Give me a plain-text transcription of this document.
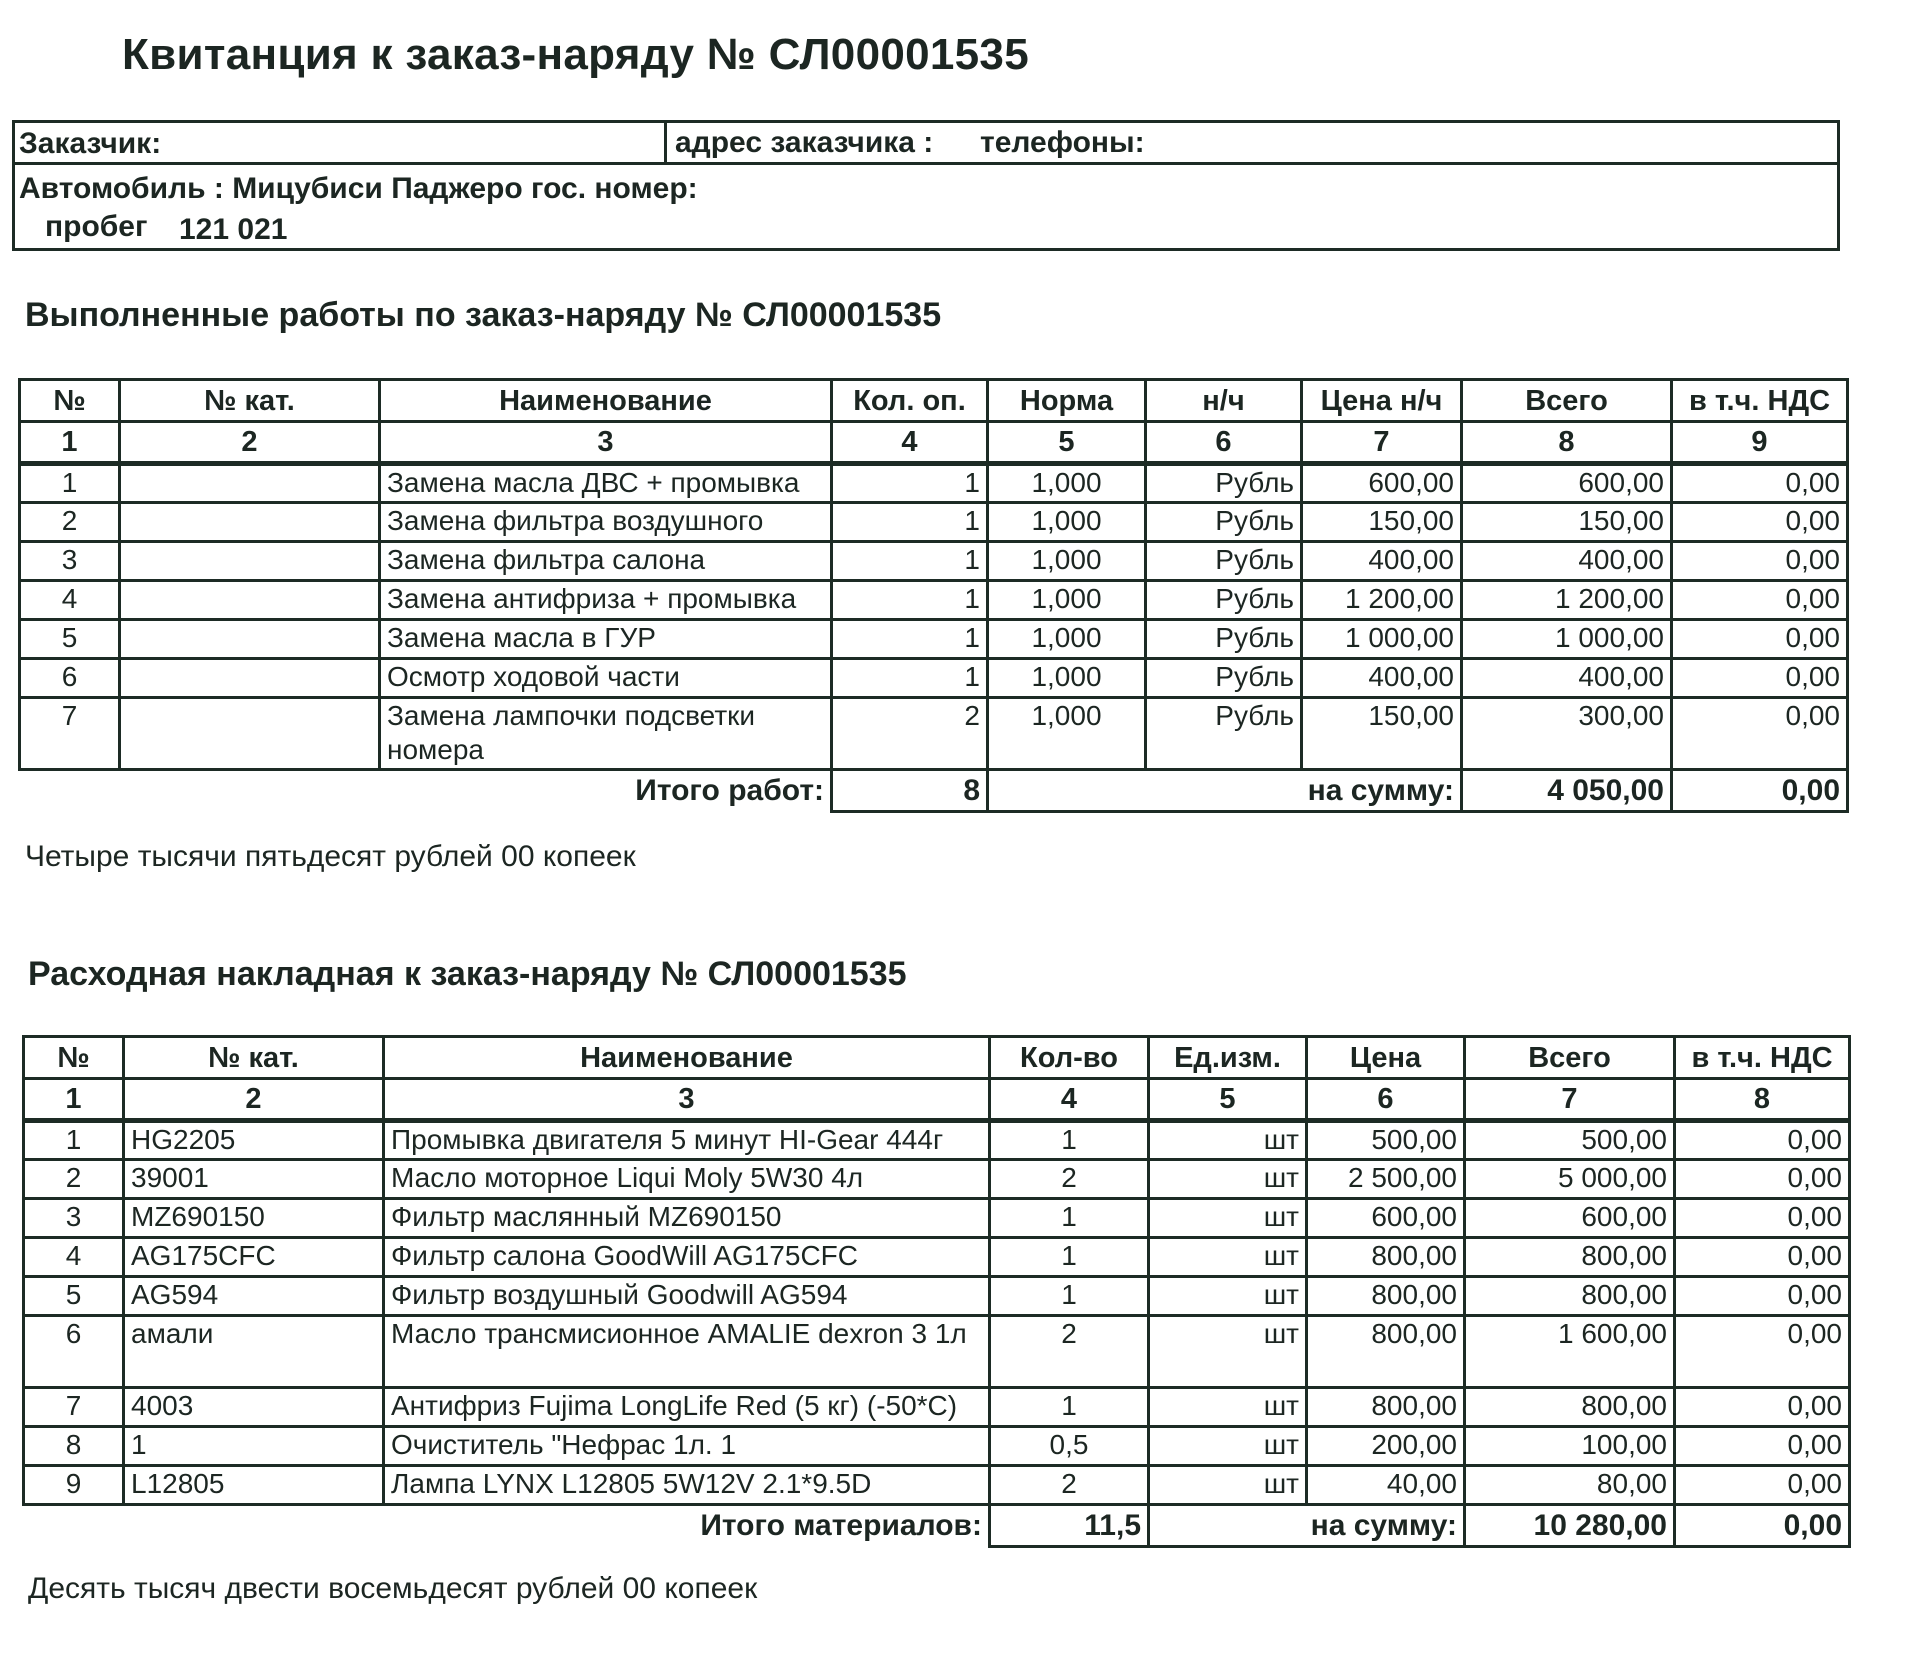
Квитанция к заказ-наряду № СЛ00001535
Заказчик:	адрес заказчика : телефоны:
Автомобиль : Мицубиси Паджеро гос. номер:
пробег 121 021
Выполненные работы по заказ-наряду № СЛ00001535
№	№ кат.	Наименование	Кол. оп.	Норма	н/ч	Цена н/ч	Всего	в т.ч. НДС
1	2	3	4	5	6	7	8	9
1		Замена масла ДВС + промывка	1	1,000	Рубль	600,00	600,00	0,00
2		Замена фильтра воздушного	1	1,000	Рубль	150,00	150,00	0,00
3		Замена фильтра салона	1	1,000	Рубль	400,00	400,00	0,00
4		Замена антифриза + промывка	1	1,000	Рубль	1 200,00	1 200,00	0,00
5		Замена масла в ГУР	1	1,000	Рубль	1 000,00	1 000,00	0,00
6		Осмотр ходовой части	1	1,000	Рубль	400,00	400,00	0,00
7		Замена лампочки подсветки номера	2	1,000	Рубль	150,00	300,00	0,00
Итого работ:			8	на сумму:			4 050,00	0,00
Четыре тысячи пятьдесят рублей 00 копеек
Расходная накладная к заказ-наряду № СЛ00001535
№	№ кат.	Наименование	Кол-во	Ед.изм.	Цена	Всего	в т.ч. НДС
1	2	3	4	5	6	7	8
1	HG2205	Промывка двигателя 5 минут HI-Gear 444г	1	шт	500,00	500,00	0,00
2	39001	Масло моторное Liqui Moly 5W30 4л	2	шт	2 500,00	5 000,00	0,00
3	MZ690150	Фильтр маслянный MZ690150	1	шт	600,00	600,00	0,00
4	AG175CFC	Фильтр салона GoodWill AG175CFC	1	шт	800,00	800,00	0,00
5	AG594	Фильтр воздушный Goodwill AG594	1	шт	800,00	800,00	0,00
6	амали	Масло трансмисионное AMALIE dexron 3 1л	2	шт	800,00	1 600,00	0,00
7	4003	Антифриз Fujima LongLife Red (5 кг) (-50*C)	1	шт	800,00	800,00	0,00
8	1	Очиститель "Нефрас 1л. 1	0,5	шт	200,00	100,00	0,00
9	L12805	Лампа LYNX L12805 5W12V 2.1*9.5D	2	шт	40,00	80,00	0,00
Итого материалов:			11,5	на сумму:		10 280,00	0,00
Десять тысяч двести восемьдесят рублей 00 копеек
